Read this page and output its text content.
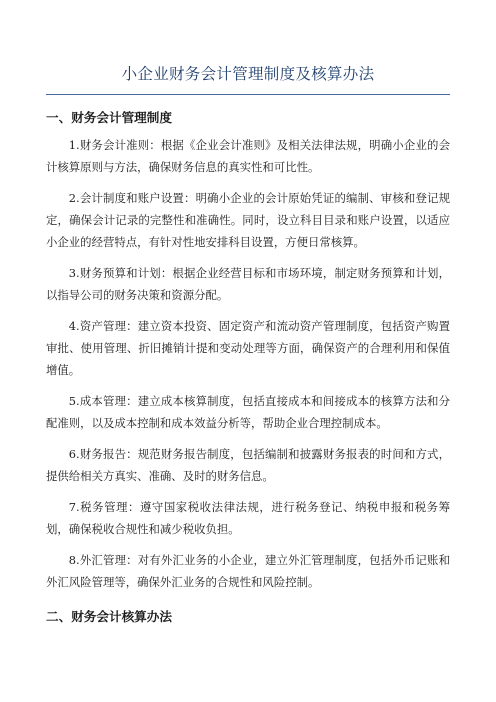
小企业财务会计管理制度及核算办法
一、财务会计管理制度

1.财务会计准则：根据《企业会计准则》及相关法律法规，明确小企业的会计核算原则与方法，确保财务信息的真实性和可比性。

2.会计制度和账户设置：明确小企业的会计原始凭证的编制、审核和登记规定，确保会计记录的完整性和准确性。同时，设立科目目录和账户设置，以适应小企业的经营特点，有针对性地安排科目设置，方便日常核算。

3.财务预算和计划：根据企业经营目标和市场环境，制定财务预算和计划，以指导公司的财务决策和资源分配。

4.资产管理：建立资本投资、固定资产和流动资产管理制度，包括资产购置审批、使用管理、折旧摊销计提和变动处理等方面，确保资产的合理利用和保值增值。

5.成本管理：建立成本核算制度，包括直接成本和间接成本的核算方法和分配准则，以及成本控制和成本效益分析等，帮助企业合理控制成本。

6.财务报告：规范财务报告制度，包括编制和披露财务报表的时间和方式，提供给相关方真实、准确、及时的财务信息。

7.税务管理：遵守国家税收法律法规，进行税务登记、纳税申报和税务筹划，确保税收合规性和减少税收负担。

8.外汇管理：对有外汇业务的小企业，建立外汇管理制度，包括外币记账和外汇风险管理等，确保外汇业务的合规性和风险控制。

二、财务会计核算办法
